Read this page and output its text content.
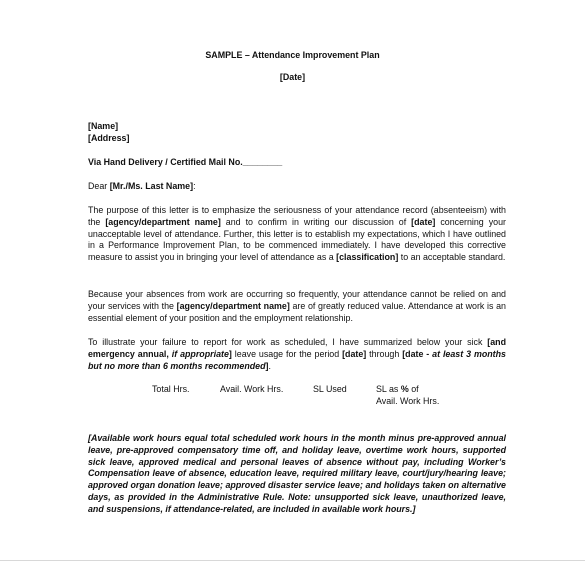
SAMPLE – Attendance Improvement Plan
[Date]
[Name]
[Address]
Via Hand Delivery / Certified Mail No.________
Dear [Mr./Ms. Last Name]:
The purpose of this letter is to emphasize the seriousness of your attendance record (absenteeism) with the [agency/department name] and to confirm in writing our discussion of [date] concerning your unacceptable level of attendance. Further, this letter is to establish my expectations, which I have outlined in a Performance Improvement Plan, to be commenced immediately. I have developed this corrective measure to assist you in bringing your level of attendance as a [classification] to an acceptable standard.
Because your absences from work are occurring so frequently, your attendance cannot be relied on and your services with the [agency/department name] are of greatly reduced value. Attendance at work is an essential element of your position and the employment relationship.
To illustrate your failure to report for work as scheduled, I have summarized below your sick [and emergency annual, if appropriate] leave usage for the period [date] through [date - at least 3 months but no more than 6 months recommended].
Total Hrs.	Avail. Work Hrs.	SL Used	SL as % of
Avail. Work Hrs.
[Available work hours equal total scheduled work hours in the month minus pre-approved annual leave, pre-approved compensatory time off, and holiday leave, overtime work hours, supported sick leave, approved medical and personal leaves of absence without pay, including Worker’s Compensation leave of absence, education leave, required military leave, court/jury/hearing leave; approved organ donation leave; approved disaster service leave; and holidays taken on alternative days, as provided in the Administrative Rule. Note: unsupported sick leave, unauthorized leave, and suspensions, if attendance-related, are included in available work hours.]
